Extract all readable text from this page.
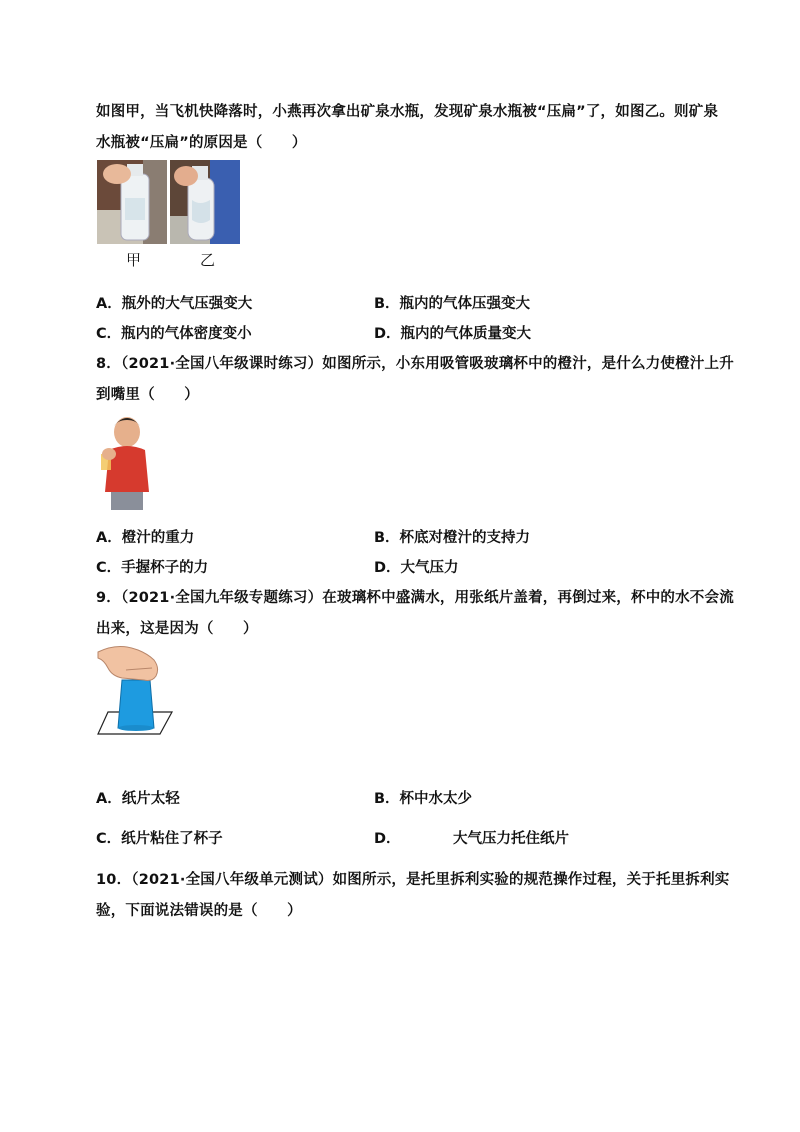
如图甲，当飞机快降落时，小燕再次拿出矿泉水瓶，发现矿泉水瓶被“压扁”了，如图乙。则矿泉
水瓶被“压扁”的原因是（　　）
甲	乙
A．瓶外的大气压强变大	B．瓶内的气体压强变大
C．瓶内的气体密度变小	D．瓶内的气体质量变大
8．（2021·全国八年级课时练习）如图所示，小东用吸管吸玻璃杯中的橙汁，是什么力使橙汁上升
到嘴里（　　）
A．橙汁的重力	B．杯底对橙汁的支持力
C．手握杯子的力	D．大气压力
9．（2021·全国九年级专题练习）在玻璃杯中盛满水，用张纸片盖着，再倒过来，杯中的水不会流
出来，这是因为（　　）
A．纸片太轻	B．杯中水太少
C．纸片粘住了杯子	D．	大气压力托住纸片
10．（2021·全国八年级单元测试）如图所示，是托里拆利实验的规范操作过程，关于托里拆利实
验，下面说法错误的是（　　）
